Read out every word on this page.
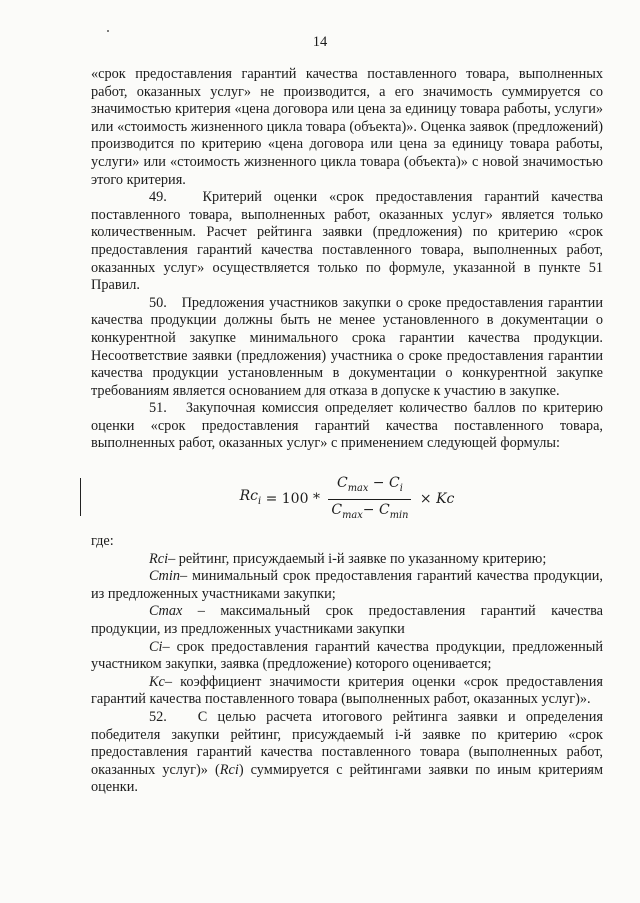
14

«срок предоставления гарантий качества поставленного товара, выполненных работ, оказанных услуг» не производится, а его значимость суммируется со значимостью критерия «цена договора или цена за единицу товара работы, услуги» или «стоимость жизненного цикла товара (объекта)». Оценка заявок (предложений) производится по критерию «цена договора или цена за единицу товара работы, услуги» или «стоимость жизненного цикла товара (объекта)» с новой значимостью этого критерия.

49.   Критерий оценки «срок предоставления гарантий качества поставленного товара, выполненных работ, оказанных услуг» является только количественным. Расчет рейтинга заявки (предложения) по критерию «срок предоставления гарантий качества поставленного товара, выполненных работ, оказанных услуг» осуществляется только по формуле, указанной в пункте 51 Правил.

50.   Предложения участников закупки о сроке предоставления гарантии качества продукции должны быть не менее установленного в документации о конкурентной закупке минимального срока гарантии качества продукции. Несоответствие заявки (предложения) участника о сроке предоставления гарантии качества продукции установленным в документации о конкурентной закупке требованиям является основанием для отказа в допуске к участию в закупке.

51.   Закупочная комиссия определяет количество баллов по критерию оценки «срок предоставления гарантий качества поставленного товара, выполненных работ, оказанных услуг» с применением следующей формулы:

$Rc_i = 100 * \frac{C_{max} - C_i}{C_{max}- C_{min}} \times Kc$

где:

Rci– рейтинг, присуждаемый i-й заявке по указанному критерию;

Cmin– минимальный срок предоставления гарантий качества продукции, из предложенных участниками закупки;

Cmax – максимальный срок предоставления гарантий качества продукции, из предложенных участниками закупки

Ci– срок предоставления гарантий качества продукции, предложенный участником закупки, заявка (предложение) которого оценивается;

Kc– коэффициент значимости критерия оценки «срок предоставления гарантий качества поставленного товара (выполненных работ, оказанных услуг)».

52.   С целью расчета итогового рейтинга заявки и определения победителя закупки рейтинг, присуждаемый i-й заявке по критерию «срок предоставления гарантий качества поставленного товара (выполненных работ, оказанных услуг)» (Rci) суммируется с рейтингами заявки по иным критериям оценки.
